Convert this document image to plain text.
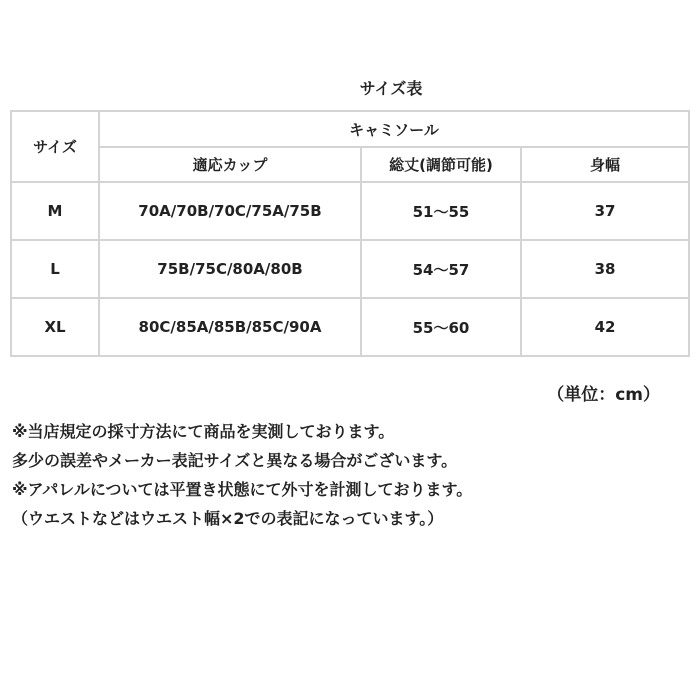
サイズ表
サイズ	キャミソール		
	適応カップ	総丈(調節可能)	身幅
M	70A/70B/70C/75A/75B	51～55	37
L	75B/75C/80A/80B	54～57	38
XL	80C/85A/85B/85C/90A	55～60	42
（単位：cm）
※当店規定の採寸方法にて商品を実測しております。
多少の誤差やメーカー表記サイズと異なる場合がございます。
※アパレルについては平置き状態にて外寸を計測しております。
（ウエストなどはウエスト幅×2での表記になっています。）
